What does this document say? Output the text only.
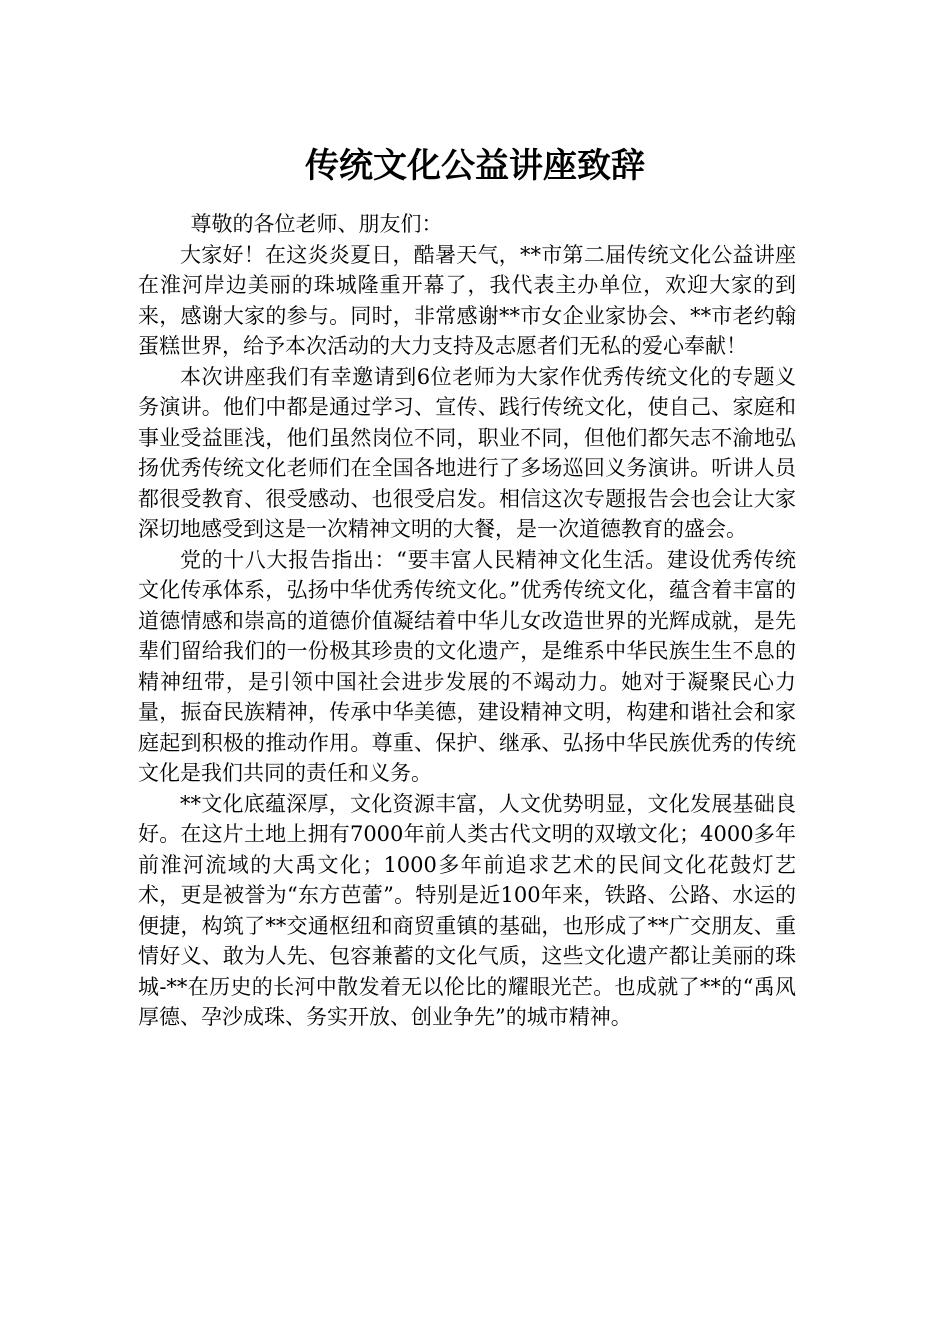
传统文化公益讲座致辞

尊敬的各位老师、朋友们：

大家好！在这炎炎夏日，酷暑天气，**市第二届传统文化公益讲座在淮河岸边美丽的珠城隆重开幕了，我代表主办单位，欢迎大家的到来，感谢大家的参与。同时，非常感谢**市女企业家协会、**市老约翰蛋糕世界，给予本次活动的大力支持及志愿者们无私的爱心奉献！

本次讲座我们有幸邀请到6位老师为大家作优秀传统文化的专题义务演讲。他们中都是通过学习、宣传、践行传统文化，使自己、家庭和事业受益匪浅，他们虽然岗位不同，职业不同，但他们都矢志不渝地弘扬优秀传统文化老师们在全国各地进行了多场巡回义务演讲。听讲人员都很受教育、很受感动、也很受启发。相信这次专题报告会也会让大家深切地感受到这是一次精神文明的大餐，是一次道德教育的盛会。

党的十八大报告指出：“要丰富人民精神文化生活。建设优秀传统文化传承体系，弘扬中华优秀传统文化。”优秀传统文化，蕴含着丰富的道德情感和崇高的道德价值凝结着中华儿女改造世界的光辉成就，是先辈们留给我们的一份极其珍贵的文化遗产，是维系中华民族生生不息的精神纽带，是引领中国社会进步发展的不竭动力。她对于凝聚民心力量，振奋民族精神，传承中华美德，建设精神文明，构建和谐社会和家庭起到积极的推动作用。尊重、保护、继承、弘扬中华民族优秀的传统文化是我们共同的责任和义务。

**文化底蕴深厚，文化资源丰富，人文优势明显，文化发展基础良好。在这片土地上拥有7000年前人类古代文明的双墩文化；4000多年前淮河流域的大禹文化；1000多年前追求艺术的民间文化花鼓灯艺术，更是被誉为“东方芭蕾”。特别是近100年来，铁路、公路、水运的便捷，构筑了**交通枢纽和商贸重镇的基础，也形成了**广交朋友、重情好义、敢为人先、包容兼蓄的文化气质，这些文化遗产都让美丽的珠城-**在历史的长河中散发着无以伦比的耀眼光芒。也成就了**的“禹风厚德、孕沙成珠、务实开放、创业争先”的城市精神。
